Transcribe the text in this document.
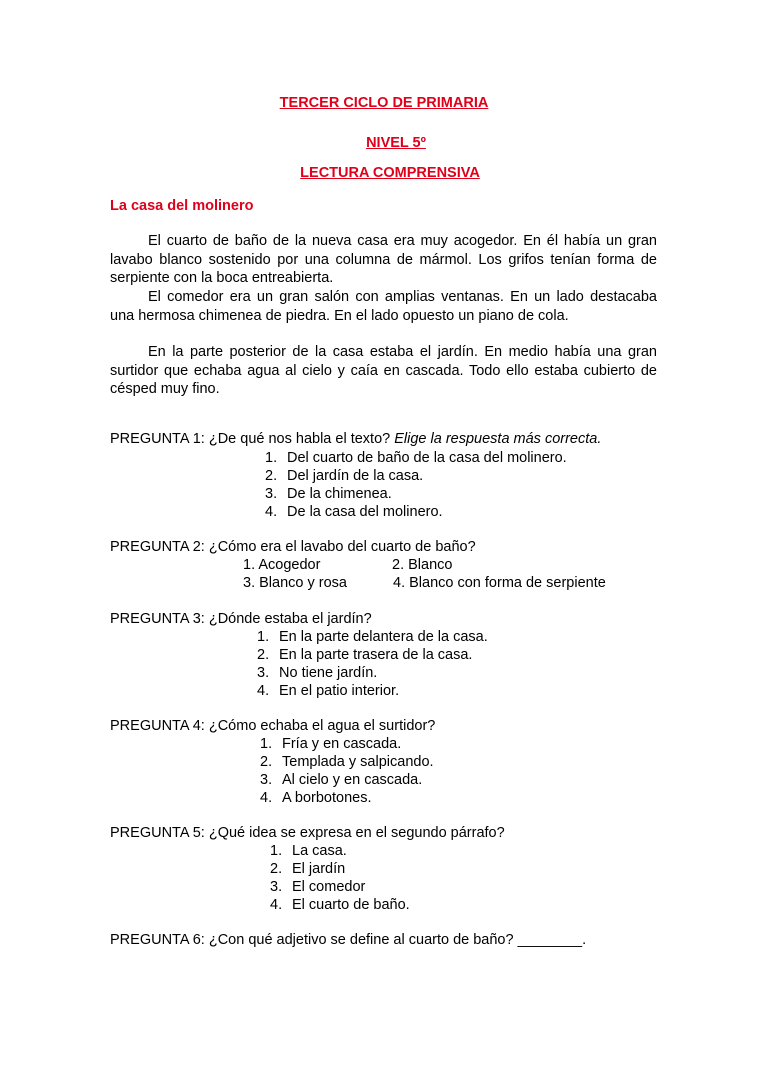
TERCER CICLO DE PRIMARIA
NIVEL 5º
LECTURA COMPRENSIVA
La casa del molinero
El cuarto de baño de la nueva casa era muy acogedor. En él había un gran lavabo blanco sostenido por una columna de mármol. Los grifos tenían forma de serpiente con la boca entreabierta.
El comedor era un gran salón con amplias ventanas. En un lado destacaba una hermosa chimenea de piedra. En el lado opuesto un piano de cola.
En la parte posterior de la casa estaba el jardín. En medio había una gran surtidor que echaba agua al cielo y caía en cascada. Todo ello estaba cubierto de césped muy fino.
PREGUNTA 1: ¿De qué nos habla el texto? Elige la respuesta más correcta.
1. Del cuarto de baño de la casa del molinero.
2. Del jardín de la casa.
3. De la chimenea.
4. De la casa del molinero.
PREGUNTA 2: ¿Cómo era el lavabo del cuarto de baño?
1. Acogedor	2. Blanco
3. Blanco y rosa	4. Blanco con forma de serpiente
PREGUNTA 3: ¿Dónde estaba el jardín?
1. En la parte delantera de la casa.
2. En la parte trasera de la casa.
3. No tiene jardín.
4. En el patio interior.
PREGUNTA 4: ¿Cómo echaba el agua el surtidor?
1. Fría y en cascada.
2. Templada y salpicando.
3. Al cielo y en cascada.
4. A borbotones.
PREGUNTA 5: ¿Qué idea se expresa en el segundo párrafo?
1. La casa.
2. El jardín
3. El comedor
4. El cuarto de baño.
PREGUNTA 6: ¿Con qué adjetivo se define al cuarto de baño? ________.
